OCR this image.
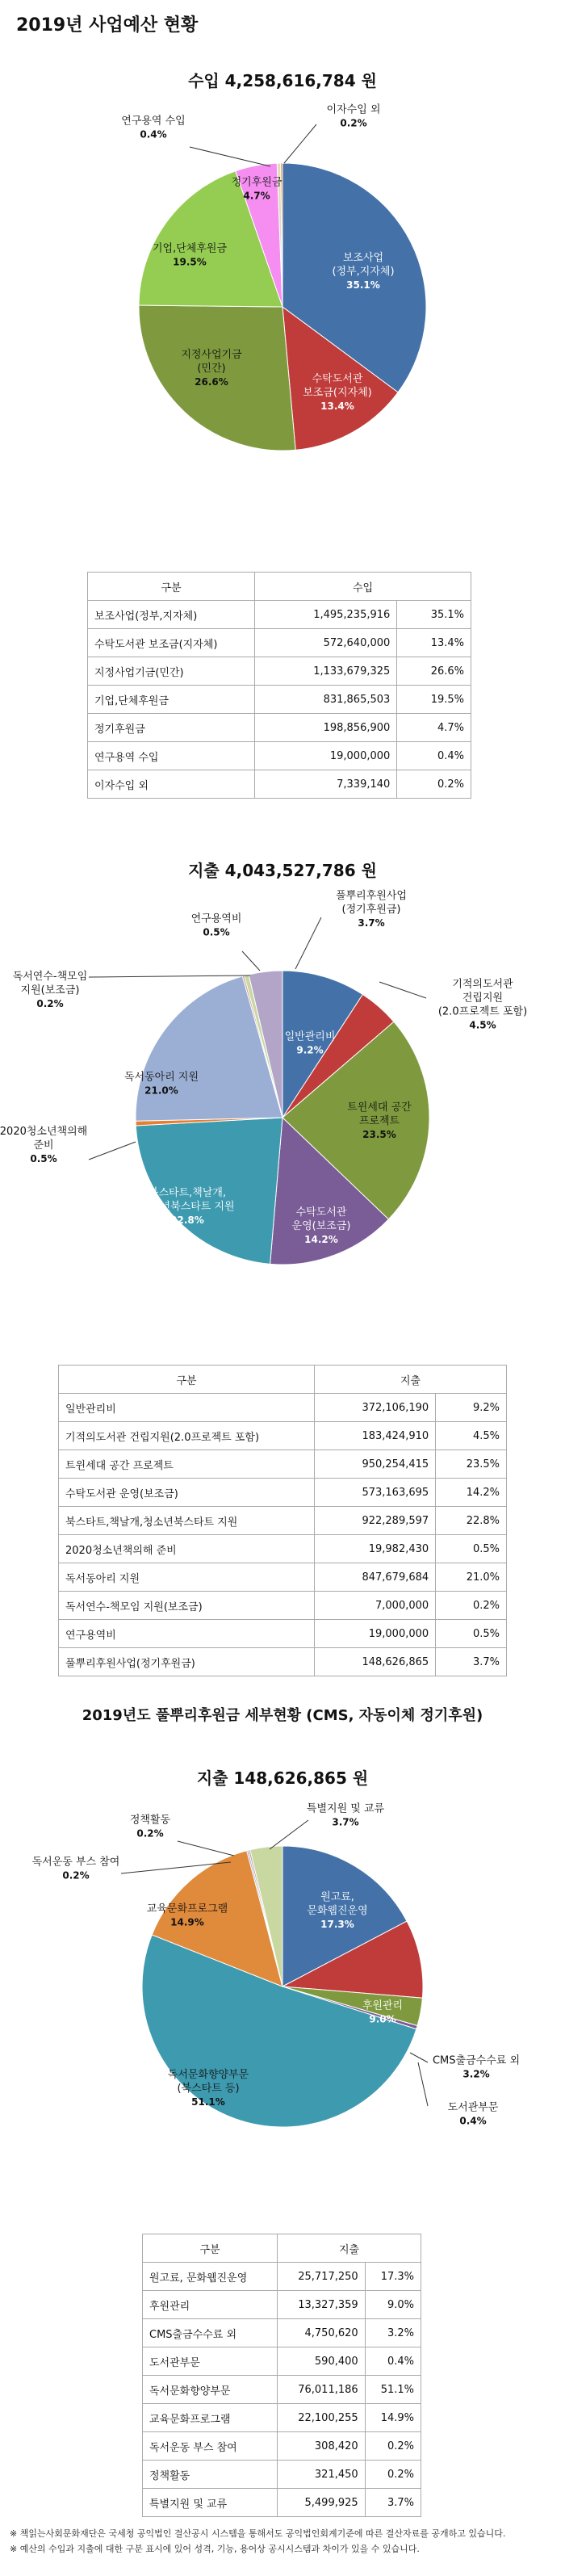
2019년 사업예산 현황
수입 4,258,616,784 원
보조사업 (정부,지자체) 35.1%
수탁도서관 보조금(지자체) 13.4%
지정사업기금 (민간) 26.6%
기업,단체후원금 19.5%
정기후원금 4.7%
연구용역 수입 0.4%
이자수입 외 0.2%
구분	수입	
보조사업(정부,지자체)	1,495,235,916	35.1%
수탁도서관 보조금(지자체)	572,640,000	13.4%
지정사업기금(민간)	1,133,679,325	26.6%
기업,단체후원금	831,865,503	19.5%
정기후원금	198,856,900	4.7%
연구용역 수입	19,000,000	0.4%
이자수입 외	7,339,140	0.2%
지출 4,043,527,786 원
일반관리비 9.2%
기적의도서관 건립지원 (2.0프로젝트 포함) 4.5%
트윈세대 공간 프로젝트 23.5%
수탁도서관 운영(보조금) 14.2%
북스타트,책날개, 청소년북스타트 지원 22.8%
2020청소년책의해 준비 0.5%
독서동아리 지원 21.0%
독서연수-책모임 지원(보조금) 0.2%
연구용역비 0.5%
풀뿌리후원사업 (정기후원금) 3.7%
구분	지출	
일반관리비	372,106,190	9.2%
기적의도서관 건립지원(2.0프로젝트 포함)	183,424,910	4.5%
트윈세대 공간 프로젝트	950,254,415	23.5%
수탁도서관 운영(보조금)	573,163,695	14.2%
북스타트,책날개,청소년북스타트 지원	922,289,597	22.8%
2020청소년책의해 준비	19,982,430	0.5%
독서동아리 지원	847,679,684	21.0%
독서연수-책모임 지원(보조금)	7,000,000	0.2%
연구용역비	19,000,000	0.5%
풀뿌리후원사업(정기후원금)	148,626,865	3.7%
2019년도 풀뿌리후원금 세부현황 (CMS, 자동이체 정기후원)
지출 148,626,865 원
원고료, 문화웹진운영 17.3%
후원관리 9.0%
CMS출금수수료 외 3.2%
도서관부문 0.4%
독서문화향양부문 (북스타트 등) 51.1%
교육문화프로그램 14.9%
독서운동 부스 참여 0.2%
정책활동 0.2%
특별지원 및 교류 3.7%
구분	지출	
원고료, 문화웹진운영	25,717,250	17.3%
후원관리	13,327,359	9.0%
CMS출금수수료 외	4,750,620	3.2%
도서관부문	590,400	0.4%
독서문화향양부문	76,011,186	51.1%
교육문화프로그램	22,100,255	14.9%
독서운동 부스 참여	308,420	0.2%
정책활동	321,450	0.2%
특별지원 및 교류	5,499,925	3.7%
※ 책읽는사회문화재단은 국세청 공익법인 결산공시 시스템을 통해서도 공익법인회계기준에 따른 결산자료를 공개하고 있습니다.
※ 예산의 수입과 지출에 대한 구분 표시에 있어 성격, 기능, 용어상 공시시스템과 차이가 있을 수 있습니다.
